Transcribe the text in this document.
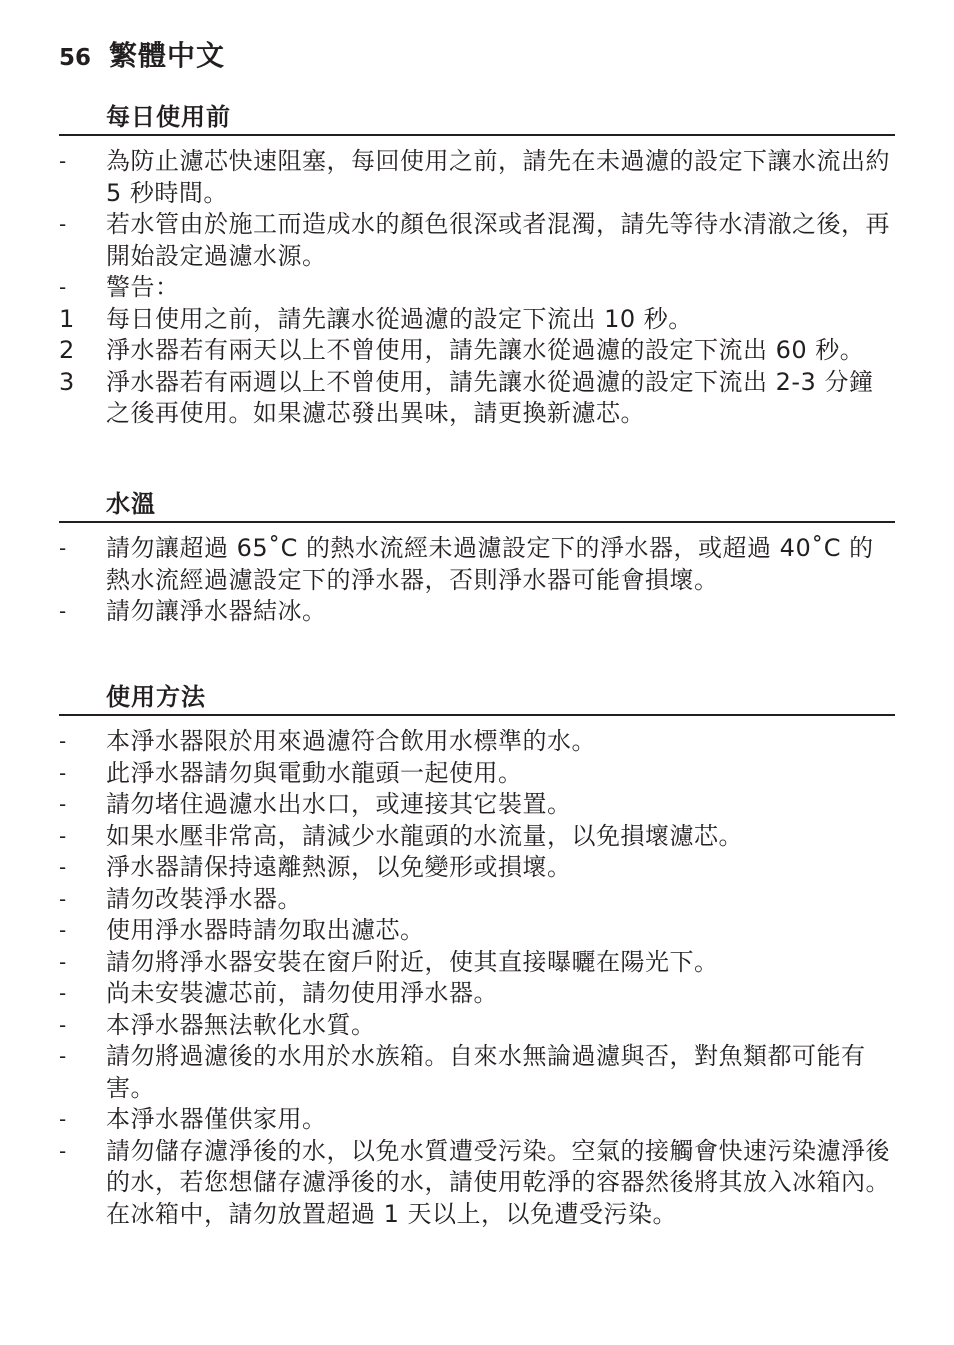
56 繁體中文
每日使用前
-	為防止濾芯快速阻塞，每回使用之前，請先在未過濾的設定下讓水流出約 5 秒時間。
-	若水管由於施工而造成水的顏色很深或者混濁，請先等待水清澈之後，再開始設定過濾水源。
-	警告：
1	每日使用之前，請先讓水從過濾的設定下流出 10 秒。
2	淨水器若有兩天以上不曾使用，請先讓水從過濾的設定下流出 60 秒。
3	淨水器若有兩週以上不曾使用，請先讓水從過濾的設定下流出 2-3 分鐘之後再使用。如果濾芯發出異味，請更換新濾芯。
水溫
-	請勿讓超過 65˚C 的熱水流經未過濾設定下的淨水器，或超過 40˚C 的熱水流經過濾設定下的淨水器，否則淨水器可能會損壞。
-	請勿讓淨水器結冰。
使用方法
-	本淨水器限於用來過濾符合飲用水標準的水。
-	此淨水器請勿與電動水龍頭一起使用。
-	請勿堵住過濾水出水口，或連接其它裝置。
-	如果水壓非常高，請減少水龍頭的水流量，以免損壞濾芯。
-	淨水器請保持遠離熱源，以免變形或損壞。
-	請勿改裝淨水器。
-	使用淨水器時請勿取出濾芯。
-	請勿將淨水器安裝在窗戶附近，使其直接曝曬在陽光下。
-	尚未安裝濾芯前，請勿使用淨水器。
-	本淨水器無法軟化水質。
-	請勿將過濾後的水用於水族箱。自來水無論過濾與否，對魚類都可能有害。
-	本淨水器僅供家用。
-	請勿儲存濾淨後的水，以免水質遭受污染。空氣的接觸會快速污染濾淨後的水，若您想儲存濾淨後的水，請使用乾淨的容器然後將其放入冰箱內。在冰箱中，請勿放置超過 1 天以上，以免遭受污染。
